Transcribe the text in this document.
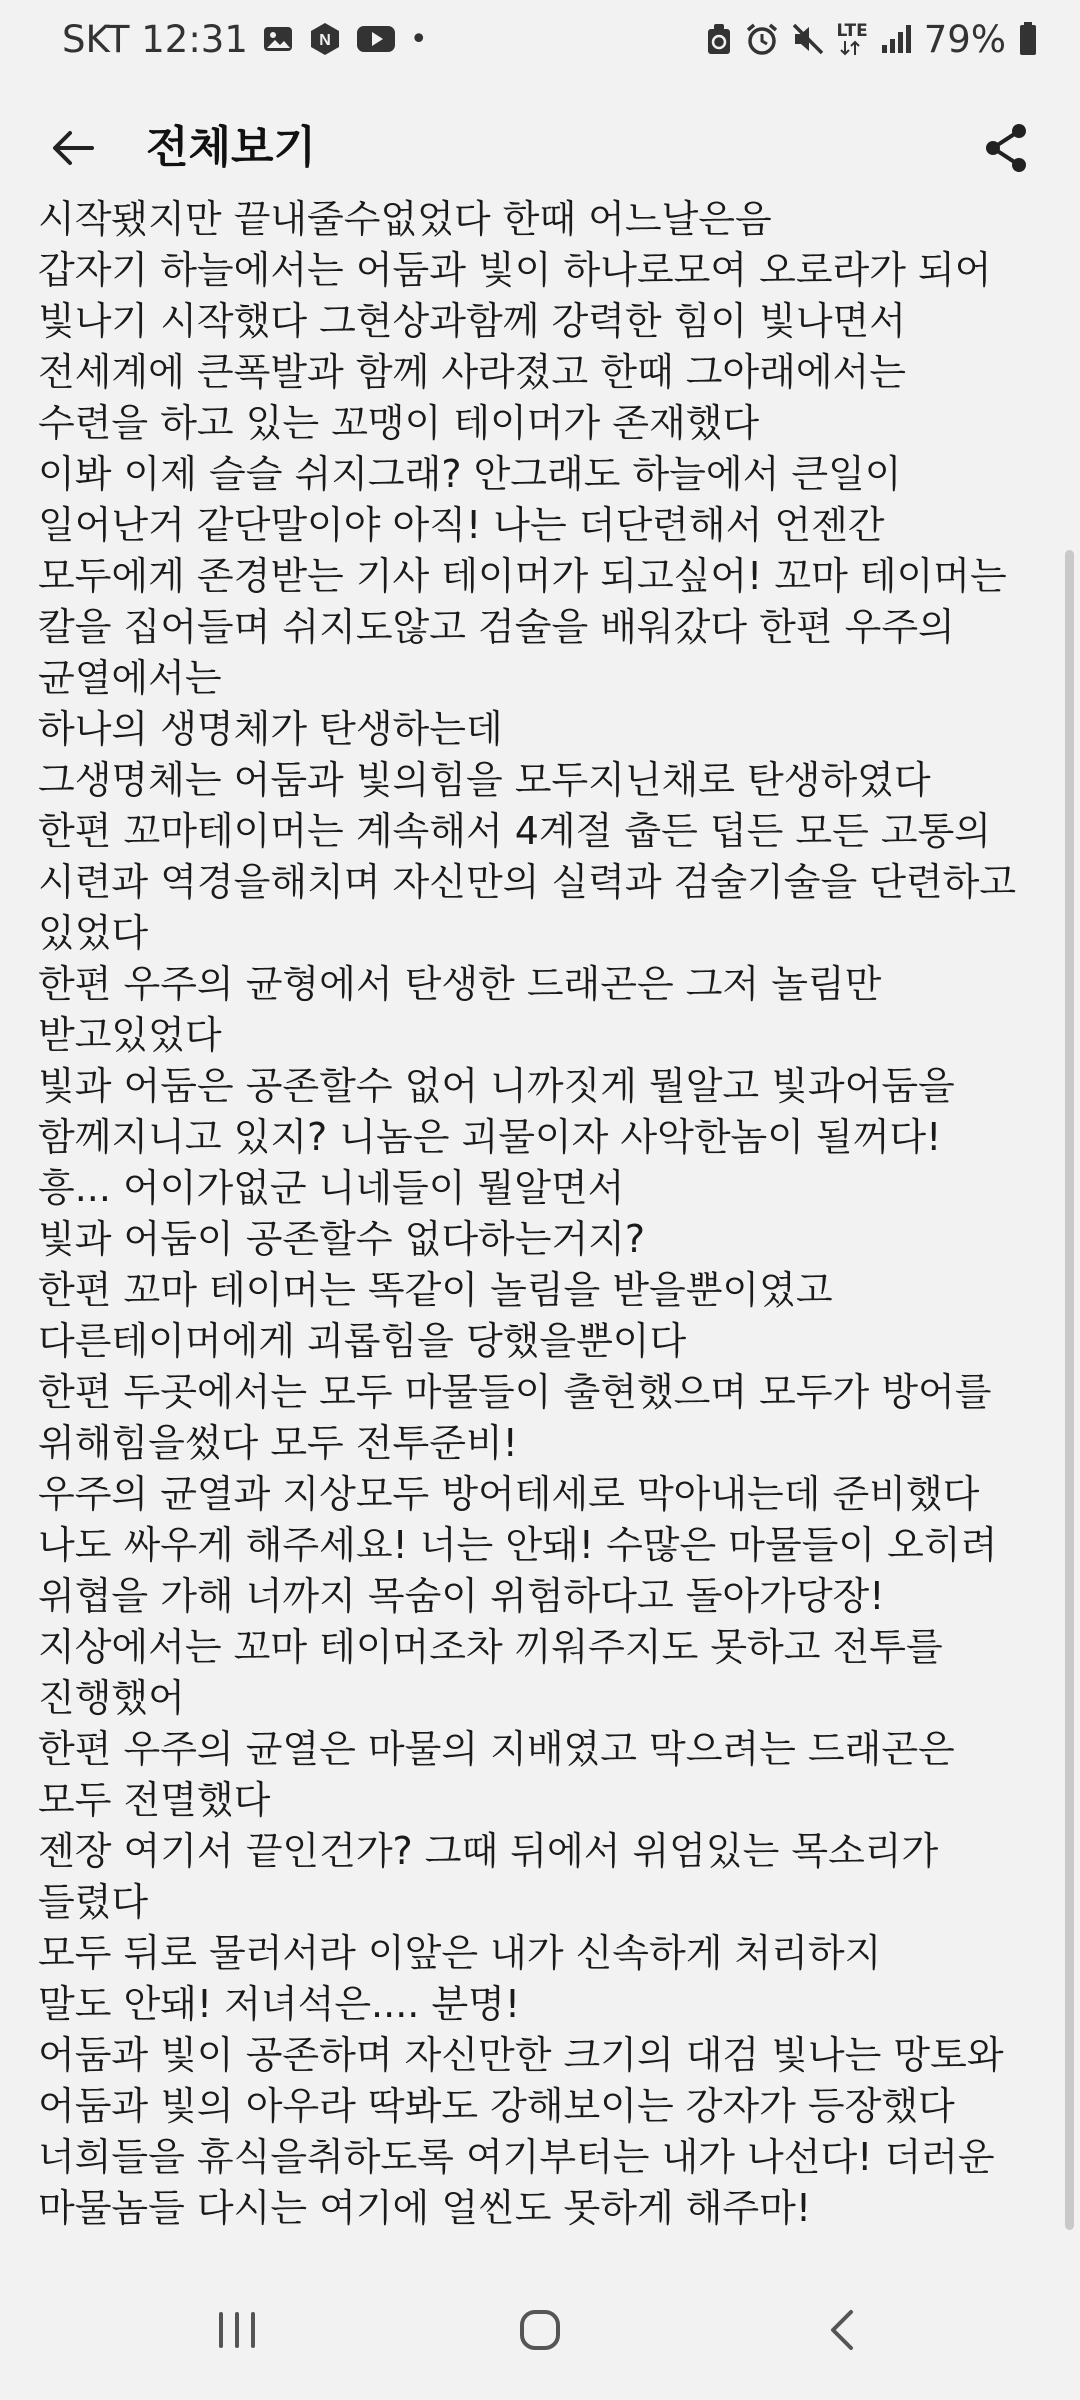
SKT 12:31	N	•	LTE 79%
전체보기
시작됐지만 끝내줄수없었다 한때 어느날은음
갑자기 하늘에서는 어둠과 빛이 하나로모여 오로라가 되어
빛나기 시작했다 그현상과함께 강력한 힘이 빛나면서
전세계에 큰폭발과 함께 사라졌고 한때 그아래에서는
수련을 하고 있는 꼬맹이 테이머가 존재했다
이봐 이제 슬슬 쉬지그래? 안그래도 하늘에서 큰일이
일어난거 같단말이야 아직! 나는 더단련해서 언젠간
모두에게 존경받는 기사 테이머가 되고싶어! 꼬마 테이머는
칼을 집어들며 쉬지도않고 검술을 배워갔다 한편 우주의
균열에서는
하나의 생명체가 탄생하는데
그생명체는 어둠과 빛의힘을 모두지닌채로 탄생하였다
한편 꼬마테이머는 계속해서 4계절 춥든 덥든 모든 고통의
시련과 역경을해치며 자신만의 실력과 검술기술을 단련하고
있었다
한편 우주의 균형에서 탄생한 드래곤은 그저 놀림만
받고있었다
빛과 어둠은 공존할수 없어 니까짓게 뭘알고 빛과어둠을
함께지니고 있지? 니놈은 괴물이자 사악한놈이 될꺼다!
흥... 어이가없군 니네들이 뭘알면서
빛과 어둠이 공존할수 없다하는거지?
한편 꼬마 테이머는 똑같이 놀림을 받을뿐이였고
다른테이머에게 괴롭힘을 당했을뿐이다
한편 두곳에서는 모두 마물들이 출현했으며 모두가 방어를
위해힘을썼다 모두 전투준비!
우주의 균열과 지상모두 방어테세로 막아내는데 준비했다
나도 싸우게 해주세요! 너는 안돼! 수많은 마물들이 오히려
위협을 가해 너까지 목숨이 위험하다고 돌아가당장!
지상에서는 꼬마 테이머조차 끼워주지도 못하고 전투를
진행했어
한편 우주의 균열은 마물의 지배였고 막으려는 드래곤은
모두 전멸했다
젠장 여기서 끝인건가? 그때 뒤에서 위엄있는 목소리가
들렸다
모두 뒤로 물러서라 이앞은 내가 신속하게 처리하지
말도 안돼! 저녀석은.... 분명!
어둠과 빛이 공존하며 자신만한 크기의 대검 빛나는 망토와
어둠과 빛의 아우라 딱봐도 강해보이는 강자가 등장했다
너희들을 휴식을취하도록 여기부터는 내가 나선다! 더러운
마물놈들 다시는 여기에 얼씬도 못하게 해주마!
